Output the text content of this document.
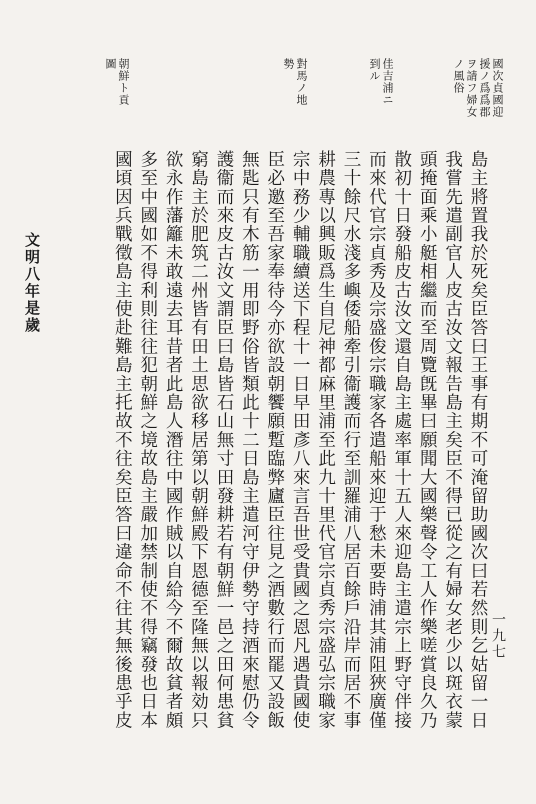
國次貞國迎援ノ爲爲郡ヲ請フ婦女ノ風俗
佳吉浦ニ到ル
對馬ノ地勢
朝鮮ト貢圖
文明八年是歲
一九七
島主將置我於死矣臣答曰王事有期不可淹留助國次曰若然則乞姑留一日
我嘗先遣副官人皮古汝文報告島主矣臣不得已從之有婦女老少以斑衣蒙
頭掩面乘小艇相繼而至周覽旣畢曰願聞大國樂聲令工人作樂嗟賞良久乃
散初十日發船皮古汝文還自島主處率軍十五人來迎島主遣宗上野守伴接
而來代官宗貞秀及宗盛俊宗職家各遣船來迎于愁未要時浦其浦阻狹廣僅
三十餘尺水淺多嶼倭船牽引衞護而行至訓羅浦八居百餘戶沿岸而居不事
耕農專以興販爲生自尼神都麻里浦至此九十里代官宗貞秀宗盛弘宗職家
宗中務少輔職續送下程十一日早田彥八來言吾世受貴國之恩凡遇貴國使
臣必邀至吾家奉待今亦欲設朝饗願蹔臨弊廬臣往見之酒數行而罷又設飯
無匙只有木筋一用即野俗皆類此十二日島主遣河守伊勢守持酒來慰仍令
護衞而來皮古汝文謂臣曰島皆石山無寸田發耕若有朝鮮一邑之田何患貧
窮島主於肥筑二州皆有田土思欲移居第以朝鮮殿下恩德至隆無以報効只
欲永作藩籬未敢遠去耳昔者此島人潛往中國作賊以自給今不爾故貧者頗
多至中國如不得利則往往犯朝鮮之境故島主嚴加禁制使不得竊發也日本
國頃因兵戰徵島主使赴難島主托故不往矣臣答曰違命不往其無後患乎皮
